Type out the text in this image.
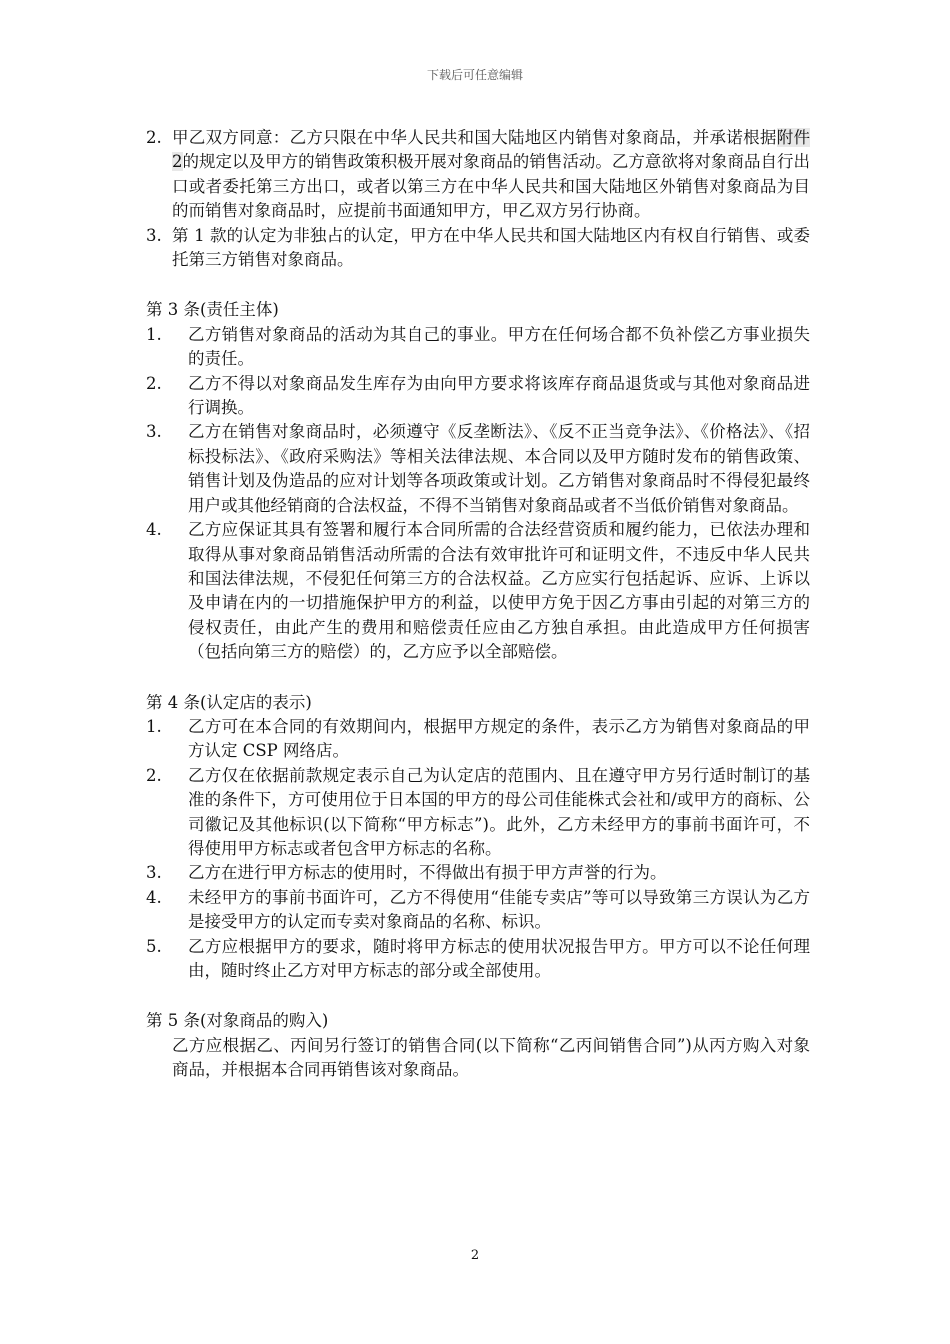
下载后可任意编辑
2. 甲乙双方同意：乙方只限在中华人民共和国大陆地区内销售对象商品，并承诺根据附件 2的规定以及甲方的销售政策积极开展对象商品的销售活动。乙方意欲将对象商品自行出口或者委托第三方出口，或者以第三方在中华人民共和国大陆地区外销售对象商品为目的而销售对象商品时，应提前书面通知甲方，甲乙双方另行协商。
3. 第 1 款的认定为非独占的认定，甲方在中华人民共和国大陆地区内有权自行销售、或委托第三方销售对象商品。
第 3 条(责任主体)
1.	乙方销售对象商品的活动为其自己的事业。甲方在任何场合都不负补偿乙方事业损失的责任。
2.	乙方不得以对象商品发生库存为由向甲方要求将该库存商品退货或与其他对象商品进行调换。
3.	乙方在销售对象商品时，必须遵守《反垄断法》、《反不正当竞争法》、《价格法》、《招标投标法》、《政府采购法》等相关法律法规、本合同以及甲方随时发布的销售政策、销售计划及伪造品的应对计划等各项政策或计划。乙方销售对象商品时不得侵犯最终用户或其他经销商的合法权益，不得不当销售对象商品或者不当低价销售对象商品。
4.	乙方应保证其具有签署和履行本合同所需的合法经营资质和履约能力，已依法办理和取得从事对象商品销售活动所需的合法有效审批许可和证明文件，不违反中华人民共和国法律法规，不侵犯任何第三方的合法权益。乙方应实行包括起诉、应诉、上诉以及申请在内的一切措施保护甲方的利益，以使甲方免于因乙方事由引起的对第三方的侵权责任，由此产生的费用和赔偿责任应由乙方独自承担。由此造成甲方任何损害（包括向第三方的赔偿）的，乙方应予以全部赔偿。
第 4 条(认定店的表示)
1.	乙方可在本合同的有效期间内，根据甲方规定的条件，表示乙方为销售对象商品的甲方认定 CSP 网络店。
2.	乙方仅在依据前款规定表示自己为认定店的范围内、且在遵守甲方另行适时制订的基准的条件下，方可使用位于日本国的甲方的母公司佳能株式会社和/或甲方的商标、公司徽记及其他标识(以下简称“甲方标志”)。此外，乙方未经甲方的事前书面许可，不得使用甲方标志或者包含甲方标志的名称。
3.	乙方在进行甲方标志的使用时，不得做出有损于甲方声誉的行为。
4.	未经甲方的事前书面许可，乙方不得使用“佳能专卖店”等可以导致第三方误认为乙方是接受甲方的认定而专卖对象商品的名称、标识。
5.	乙方应根据甲方的要求，随时将甲方标志的使用状况报告甲方。甲方可以不论任何理由，随时终止乙方对甲方标志的部分或全部使用。
第 5 条(对象商品的购入)
乙方应根据乙、丙间另行签订的销售合同(以下简称“乙丙间销售合同”)从丙方购入对象商品，并根据本合同再销售该对象商品。
2
